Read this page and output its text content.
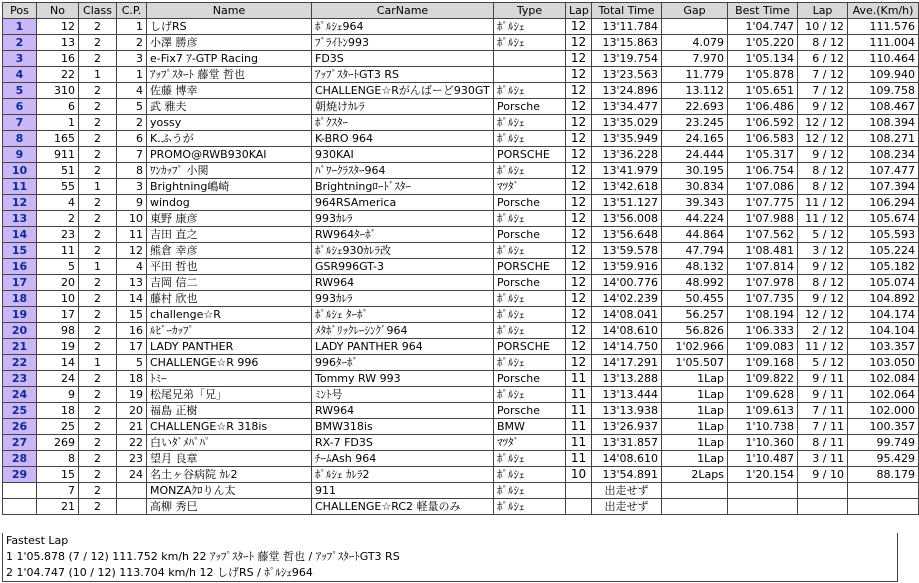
Pos	No	Class	C.P.	Name	CarName	Type	Lap	Total Time	Gap	Best Time	Lap	Ave.(Km/h)
1	12	2	1	しげRS	ﾎﾟﾙｼｪ964	ﾎﾟﾙｼｪ	12	13'11.784		1'04.747	10 / 12	111.576
2	13	2	2	小澤 勝彦	ﾌﾞﾗｲﾄﾝ993	ﾎﾟﾙｼｪ	12	13'15.863	4.079	1'05.220	8 / 12	111.004
3	16	2	3	e-Fix7 ｱ-GTP Racing	FD3S		12	13'19.754	7.970	1'05.134	6 / 12	110.464
4	22	1	1	ｱｯﾌﾟｽﾀｰﾄ 藤堂 哲也	ｱｯﾌﾟｽﾀｰﾄGT3 RS		12	13'23.563	11.779	1'05.878	7 / 12	109.940
5	310	2	4	佐藤 博幸	CHALLENGE☆Rがんばーど930GT	ﾎﾟﾙｼｪ	12	13'24.896	13.112	1'05.651	7 / 12	109.758
6	6	2	5	武 雅夫	朝焼けｶﾚﾗ	Porsche	12	13'34.477	22.693	1'06.486	9 / 12	108.467
7	1	2	2	yossy	ﾎﾟｸｽﾀｰ	ﾎﾟﾙｼｪ	12	13'35.029	23.245	1'06.592	12 / 12	108.394
8	165	2	6	K.ふうが	K-BRO 964	ﾎﾟﾙｼｪ	12	13'35.949	24.165	1'06.583	12 / 12	108.271
9	911	2	7	PROMO@RWB930KAI	930KAI	PORSCHE	12	13'36.228	24.444	1'05.317	9 / 12	108.234
10	51	2	8	ﾜﾝｶｯﾌﾟ 小関	ﾊﾟﾜｰｸﾗｽﾀｰ964	ﾎﾟﾙｼｪ	12	13'41.979	30.195	1'06.754	8 / 12	107.477
11	55	1	3	Brightning嶋崎	Brightningﾛｰﾄﾞｽﾀｰ	ﾏﾂﾀﾞ	12	13'42.618	30.834	1'07.086	8 / 12	107.394
12	4	2	9	windog	964RSAmerica	Porsche	12	13'51.127	39.343	1'07.775	11 / 12	106.294
13	2	2	10	東野 康彦	993ｶﾚﾗ	ﾎﾟﾙｼｪ	12	13'56.008	44.224	1'07.988	11 / 12	105.674
14	23	2	11	吉田 直之	RW964ﾀｰﾎﾞ	Porsche	12	13'56.648	44.864	1'07.562	5 / 12	105.593
15	11	2	12	熊倉 幸彦	ﾎﾟﾙｼｪ930ｶﾚﾗ改	ﾎﾟﾙｼｪ	12	13'59.578	47.794	1'08.481	3 / 12	105.224
16	5	1	4	平田 哲也	GSR996GT-3	PORSCHE	12	13'59.916	48.132	1'07.814	9 / 12	105.182
17	20	2	13	吉岡 信二	RW964	Porsche	12	14'00.776	48.992	1'07.978	8 / 12	105.074
18	10	2	14	藤村 欣也	993ｶﾚﾗ	ﾎﾟﾙｼｪ	12	14'02.239	50.455	1'07.735	9 / 12	104.892
19	17	2	15	challenge☆R	ﾎﾟﾙｼｪ ﾀｰﾎﾞ	ﾎﾟﾙｼｪ	12	14'08.041	56.257	1'08.194	12 / 12	104.174
20	98	2	16	ﾙﾋﾞｰｶｯﾌﾟ	ﾒﾀﾎﾞﾘｯｸﾚｰｼﾝｸﾞ964	ﾎﾟﾙｼｪ	12	14'08.610	56.826	1'06.333	2 / 12	104.104
21	19	2	17	LADY PANTHER	LADY PANTHER 964	PORSCHE	12	14'14.750	1'02.966	1'09.083	11 / 12	103.357
22	14	1	5	CHALLENGE☆R 996	996ﾀｰﾎﾞ	ﾎﾟﾙｼｪ	12	14'17.291	1'05.507	1'09.168	5 / 12	103.050
23	24	2	18	ﾄﾐｰ	Tommy RW 993	Porsche	11	13'13.288	1Lap	1'09.822	9 / 11	102.084
24	9	2	19	松尾兄弟「兄」	ﾐﾝﾄ号	ﾎﾟﾙｼｪ	11	13'13.444	1Lap	1'09.628	9 / 11	102.064
25	18	2	20	福島 正樹	RW964	Porsche	11	13'13.938	1Lap	1'09.613	7 / 11	102.000
26	25	2	21	CHALLENGE☆R 318is	BMW318is	BMW	11	13'26.937	1Lap	1'10.738	7 / 11	100.357
27	269	2	22	白いﾀﾞﾒﾊﾟﾊﾟ	RX-7 FD3S	ﾏﾂﾀﾞ	11	13'31.857	1Lap	1'10.360	8 / 11	99.749
28	8	2	23	望月 良章	ﾁｰﾑAsh 964	ﾎﾟﾙｼｪ	11	14'08.610	1Lap	1'10.487	3 / 11	95.429
29	15	2	24	名土ヶ谷病院 ｶﾚ2	ﾎﾟﾙｼｪ ｶﾚﾗ2	ﾎﾟﾙｼｪ	10	13'54.891	2Laps	1'20.154	9 / 10	88.179
	7	2		MONZAｸﾛりん太	911	ﾎﾟﾙｼｪ		出走せず				
	21	2		高柳 秀巳	CHALLENGE☆RC2 軽量のみ	ﾎﾟﾙｼｪ		出走せず				
Fastest Lap
1 1'05.878 (7 / 12) 111.752 km/h 22 ｱｯﾌﾟｽﾀｰﾄ 藤堂 哲也 / ｱｯﾌﾟｽﾀｰﾄGT3 RS
2 1'04.747 (10 / 12) 113.704 km/h 12 しげRS / ﾎﾟﾙｼｪ964
